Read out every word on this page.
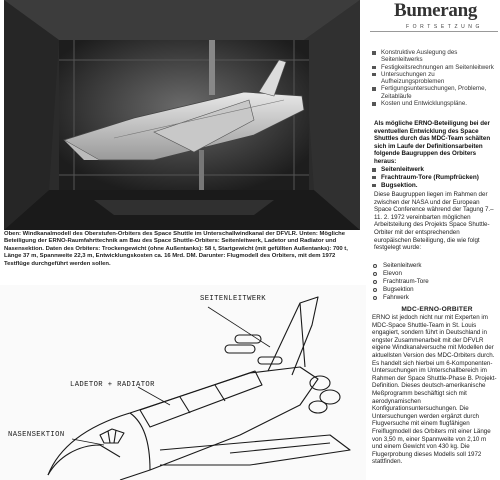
Oben: Windkanalmodell des Oberstufen-Orbiters des Space Shuttle im Unterschallwindkanal der DFVLR. Unten: Mögliche Beteiligung der ERNO-Raumfahrttechnik am Bau des Space Shuttle-Orbiters: Seitenleitwerk, Ladetor und Radiator und Nasensektion. Daten des Orbiters: Trockengewicht (ohne Außentanks): 58 t, Startgewicht (mit gefüllten Außentanks): 700 t, Länge 37 m, Spannweite 22,3 m, Entwicklungskosten ca. 16 Mrd. DM. Darunter: Flugmodell des Orbiters, mit dem 1972 Testflüge durchgeführt werden sollen.

SEITENLEITWERK
LADETOR + RADIATOR
NASENSEKTION
Bumerang
FORTSETZUNG
Konstruktive Auslegung des Seitenleitwerks
Festigkeitsrechnungen am Seitenleitwerk
Untersuchungen zu Aufheizungsproblemen
Fertigungsuntersuchungen, Probleme, Zeitabläufe
Kosten und Entwicklungspläne.

Als mögliche ERNO-Beteiligung bei der eventuellen Entwicklung des Space Shuttles durch das MDC-Team schälten sich im Laufe der Definitionsarbeiten folgende Baugruppen des Orbiters heraus:

Seitenleitwerk
Frachtraum-Tore (Rumpfrücken)
Bugsektion.

Diese Baugruppen liegen im Rahmen der zwischen der NASA und der European Space Conference während der Tagung 7.–11. 2. 1972 vereinbarten möglichen Arbeitsteilung des Projekts Space Shuttle-Orbiter mit der entsprechenden europäischen Beteiligung, die wie folgt festgelegt wurde:

Seitenleitwerk
Elevon
Frachtraum-Tore
Bugsektion
Fahrwerk

MDC-ERNO-ORBITER

ERNO ist jedoch nicht nur mit Experten im MDC-Space Shuttle-Team in St. Louis engagiert, sondern führt in Deutschland in engster Zusammenarbeit mit der DFVLR eigene Windkanalversuche mit Modellen der aktuellsten Version des MDC-Orbiters durch. Es handelt sich hierbei um 6-Komponenten-Untersuchungen im Unterschallbereich im Rahmen der Space Shuttle-Phase B. Projekt-Definition. Dieses deutsch-amerikanische Meßprogramm beschäftigt sich mit aerodynamischen Konfigurationsuntersuchungen. Die Untersuchungen werden ergänzt durch Flugversuche mit einem flugfähigen Freiflugmodell des Orbiters mit einer Länge von 3,50 m, einer Spannweite von 2,10 m und einem Gewicht von 430 kg. Die Flugerprobung dieses Modells soll 1972 stattfinden.
